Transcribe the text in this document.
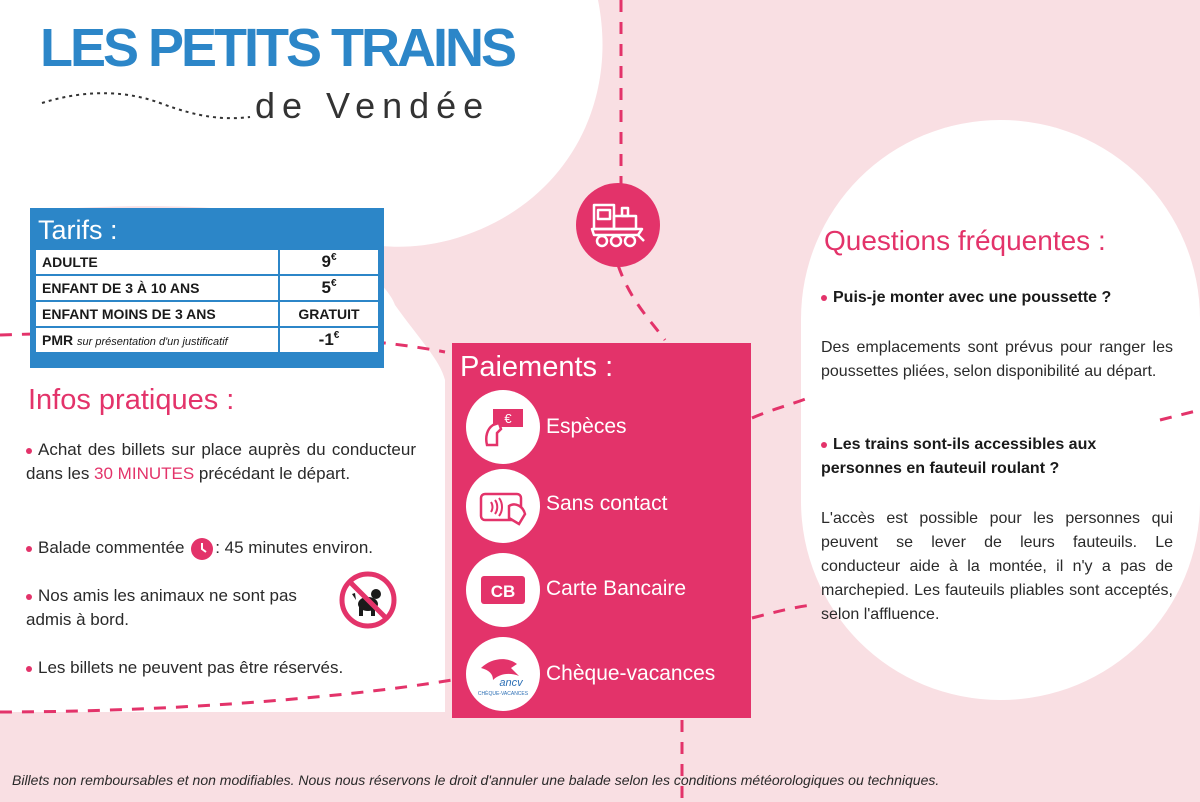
LES PETITS TRAINS
de Vendée
Tarifs :
ADULTE	9€
ENFANT DE 3 À 10 ANS	5€
ENFANT MOINS DE 3 ANS	GRATUIT
PMR sur présentation d'un justificatif	-1€
Infos pratiques :
Achat des billets sur place auprès du conducteur dans les 30 MINUTES précédant le départ.
Balade commentée : 45 minutes environ.
Nos amis les animaux ne sont pas admis à bord.
Les billets ne peuvent pas être réservés.
Paiements :
€ Espèces
Sans contact
CB Carte Bancaire
ancv
CHÈQUE-VACANCES
Chèque-vacances
Questions fréquentes :
Puis-je monter avec une poussette ?
Des emplacements sont prévus pour ranger les poussettes pliées, selon disponibilité au départ.
Les trains sont-ils accessibles aux personnes en fauteuil roulant ?
L'accès est possible pour les personnes qui peuvent se lever de leurs fauteuils. Le conducteur aide à la montée, il n'y a pas de marchepied. Les fauteuils pliables sont acceptés, selon l'affluence.
Billets non remboursables et non modifiables. Nous nous réservons le droit d'annuler une balade selon les conditions météorologiques ou techniques.
